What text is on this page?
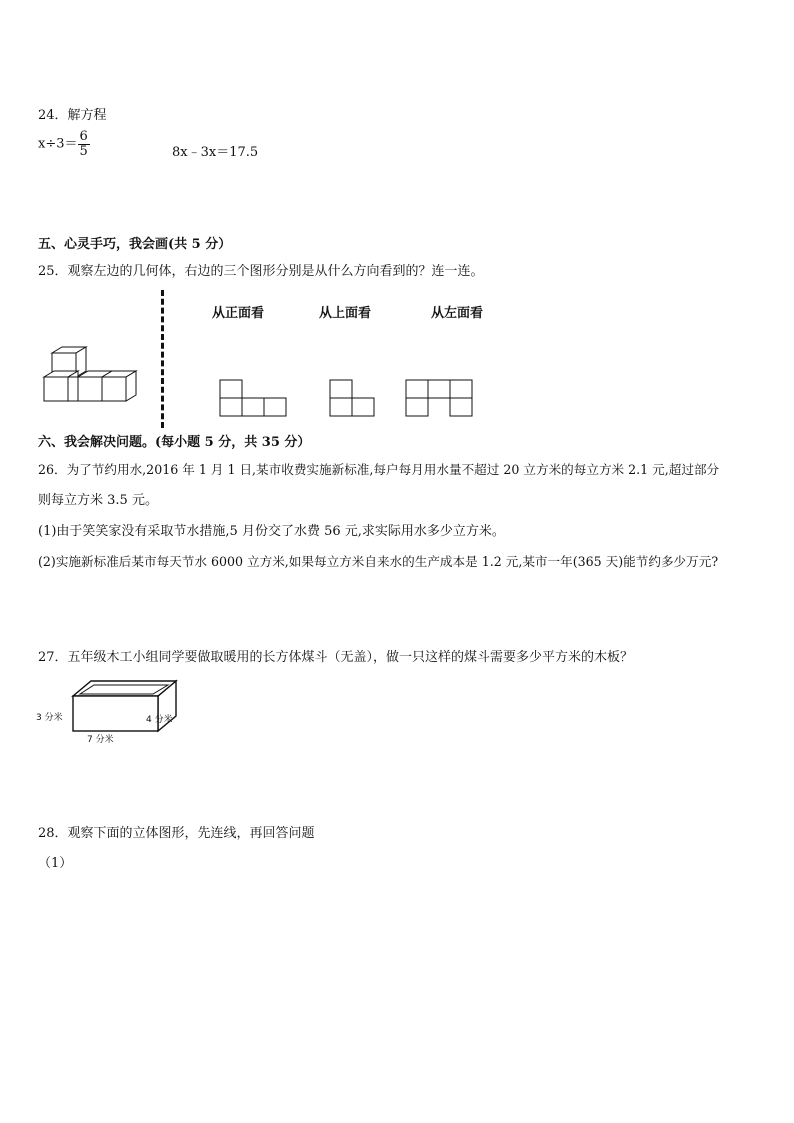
24．解方程
$x\div 3= \frac{6}{5}$	8x﹣3x＝17.5
五、心灵手巧，我会画(共 5 分）
25．观察左边的几何体，右边的三个图形分别是从什么方向看到的？连一连。
从正面看	从上面看	从左面看
六、我会解决问题。(每小题 5 分，共 35 分）
26．为了节约用水,2016 年 1 月 1 日,某市收费实施新标准,每户每月用水量不超过 20 立方米的每立方米 2.1 元,超过部分
则每立方米 3.5 元。
(1)由于笑笑家没有采取节水措施,5 月份交了水费 56 元,求实际用水多少立方米。
(2)实施新标准后某市每天节水 6000 立方米,如果每立方米自来水的生产成本是 1.2 元,某市一年(365 天)能节约多少万元?
27．五年级木工小组同学要做取暖用的长方体煤斗（无盖），做一只这样的煤斗需要多少平方米的木板？
3 分米	4 分米
7 分米
28．观察下面的立体图形，先连线，再回答问题
（1）
